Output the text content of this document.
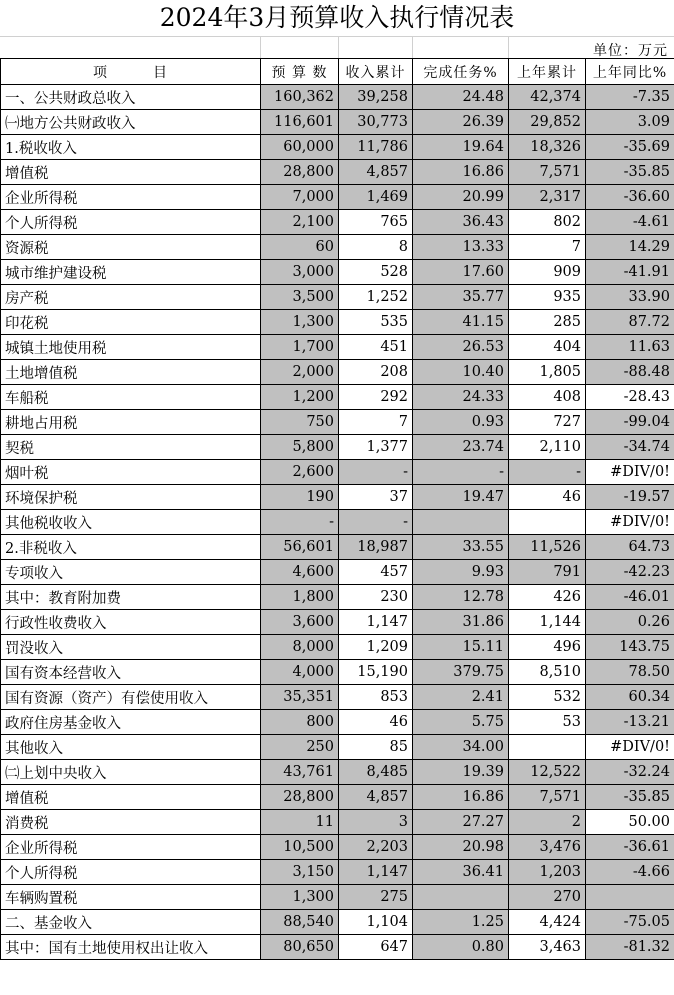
2024年3月预算收入执行情况表
单位：万元
项　　　目	预 算 数	收入累计	完成任务%	上年累计	上年同比%
一、公共财政总收入	160,362	39,258	24.48	42,374	-7.35
㈠地方公共财政收入	116,601	30,773	26.39	29,852	3.09
1.税收收入	60,000	11,786	19.64	18,326	-35.69
增值税	28,800	4,857	16.86	7,571	-35.85
企业所得税	7,000	1,469	20.99	2,317	-36.60
个人所得税	2,100	765	36.43	802	-4.61
资源税	60	8	13.33	7	14.29
城市维护建设税	3,000	528	17.60	909	-41.91
房产税	3,500	1,252	35.77	935	33.90
印花税	1,300	535	41.15	285	87.72
城镇土地使用税	1,700	451	26.53	404	11.63
土地增值税	2,000	208	10.40	1,805	-88.48
车船税	1,200	292	24.33	408	-28.43
耕地占用税	750	7	0.93	727	-99.04
契税	5,800	1,377	23.74	2,110	-34.74
烟叶税	2,600	-	-	-	#DIV/0!
环境保护税	190	37	19.47	46	-19.57
其他税收收入	-	-			#DIV/0!
2.非税收入	56,601	18,987	33.55	11,526	64.73
专项收入	4,600	457	9.93	791	-42.23
其中：教育附加费	1,800	230	12.78	426	-46.01
行政性收费收入	3,600	1,147	31.86	1,144	0.26
罚没收入	8,000	1,209	15.11	496	143.75
国有资本经营收入	4,000	15,190	379.75	8,510	78.50
国有资源（资产）有偿使用收入	35,351	853	2.41	532	60.34
政府住房基金收入	800	46	5.75	53	-13.21
其他收入	250	85	34.00		#DIV/0!
㈡上划中央收入	43,761	8,485	19.39	12,522	-32.24
增值税	28,800	4,857	16.86	7,571	-35.85
消费税	11	3	27.27	2	50.00
企业所得税	10,500	2,203	20.98	3,476	-36.61
个人所得税	3,150	1,147	36.41	1,203	-4.66
车辆购置税	1,300	275		270	
二、基金收入	88,540	1,104	1.25	4,424	-75.05
其中：国有土地使用权出让收入	80,650	647	0.80	3,463	-81.32
